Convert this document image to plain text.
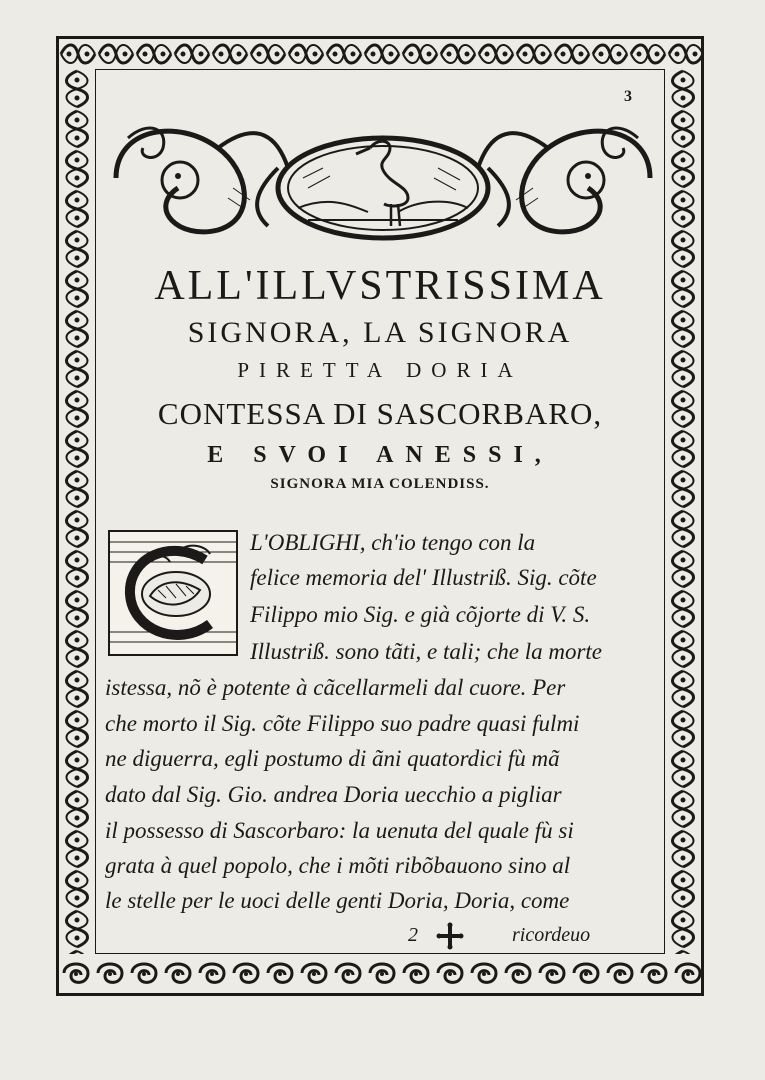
3
ALL'ILLVSTRISSIMA
SIGNORA, LA SIGNORA
PIRETTA DORIA
CONTESSA DI SASCORBARO,
E SVOI ANESSI,
SIGNORA MIA COLENDISS.
L'OBLIGHI, ch'io tengo con la
felice memoria del' Illustriß. Sig. cõte
Filippo mio Sig. e già cõjorte di V. S.
Illustriß. sono tãti, e tali; che la morte
istessa, nõ è potente à cãcellarmeli dal cuore. Per
che morto il Sig. cõte Filippo suo padre quasi fulmi
ne diguerra, egli postumo di ãni quatordici fù mã
dato dal Sig. Gio. andrea Doria uecchio a pigliar
il possesso di Sascorbaro: la uenuta del quale fù si
grata à quel popolo, che i mõti ribõbauono sino al
le stelle per le uoci delle genti Doria, Doria, come
2	ricordeuo
